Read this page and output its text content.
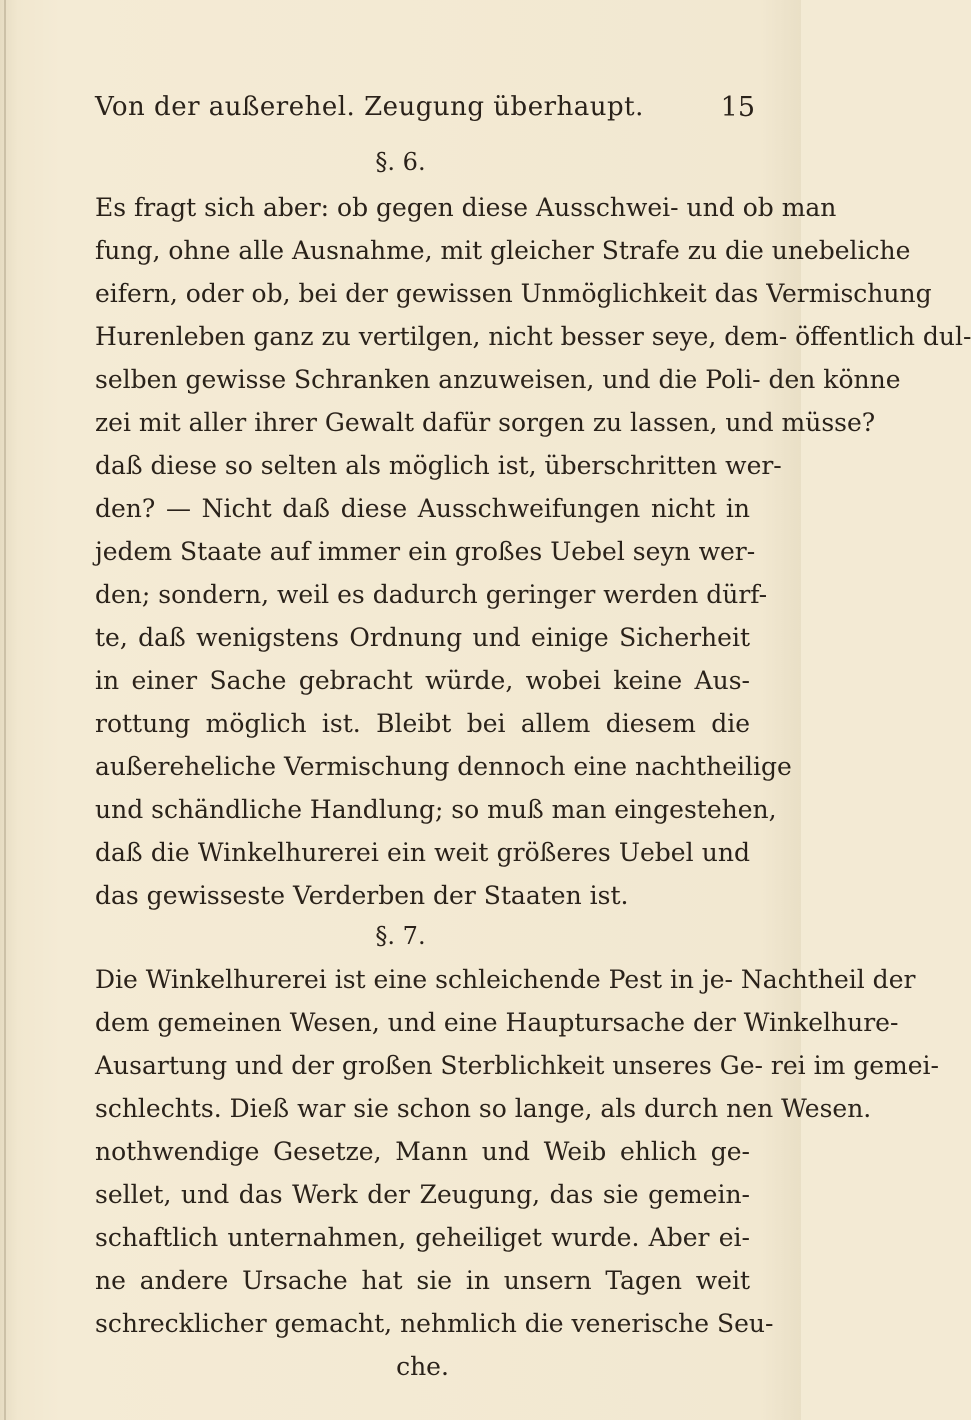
Von der außerehel. Zeugung überhaupt.	15
§. 6.
Es fragt sich aber: ob gegen diese Ausschwei- und ob man
fung, ohne alle Ausnahme, mit gleicher Strafe zu die unebeliche
eifern, oder ob, bei der gewissen Unmöglichkeit das Vermischung
Hurenleben ganz zu vertilgen, nicht besser seye, dem- öffentlich dul-
selben gewisse Schranken anzuweisen, und die Poli- den könne
zei mit aller ihrer Gewalt dafür sorgen zu lassen, und müsse?
daß diese so selten als möglich ist, überschritten wer-
den? — Nicht daß diese Ausschweifungen nicht in
jedem Staate auf immer ein großes Uebel seyn wer-
den; sondern, weil es dadurch geringer werden dürf-
te, daß wenigstens Ordnung und einige Sicherheit
in einer Sache gebracht würde, wobei keine Aus-
rottung möglich ist. Bleibt bei allem diesem die
außereheliche Vermischung dennoch eine nachtheilige
und schändliche Handlung; so muß man eingestehen,
daß die Winkelhurerei ein weit größeres Uebel und
das gewisseste Verderben der Staaten ist.
§. 7.
Die Winkelhurerei ist eine schleichende Pest in je- Nachtheil der
dem gemeinen Wesen, und eine Hauptursache der Winkelhure-
Ausartung und der großen Sterblichkeit unseres Ge- rei im gemei-
schlechts. Dieß war sie schon so lange, als durch nen Wesen.
nothwendige Gesetze, Mann und Weib ehlich ge-
sellet, und das Werk der Zeugung, das sie gemein-
schaftlich unternahmen, geheiliget wurde. Aber ei-
ne andere Ursache hat sie in unsern Tagen weit
schrecklicher gemacht, nehmlich die venerische Seu-
che.
